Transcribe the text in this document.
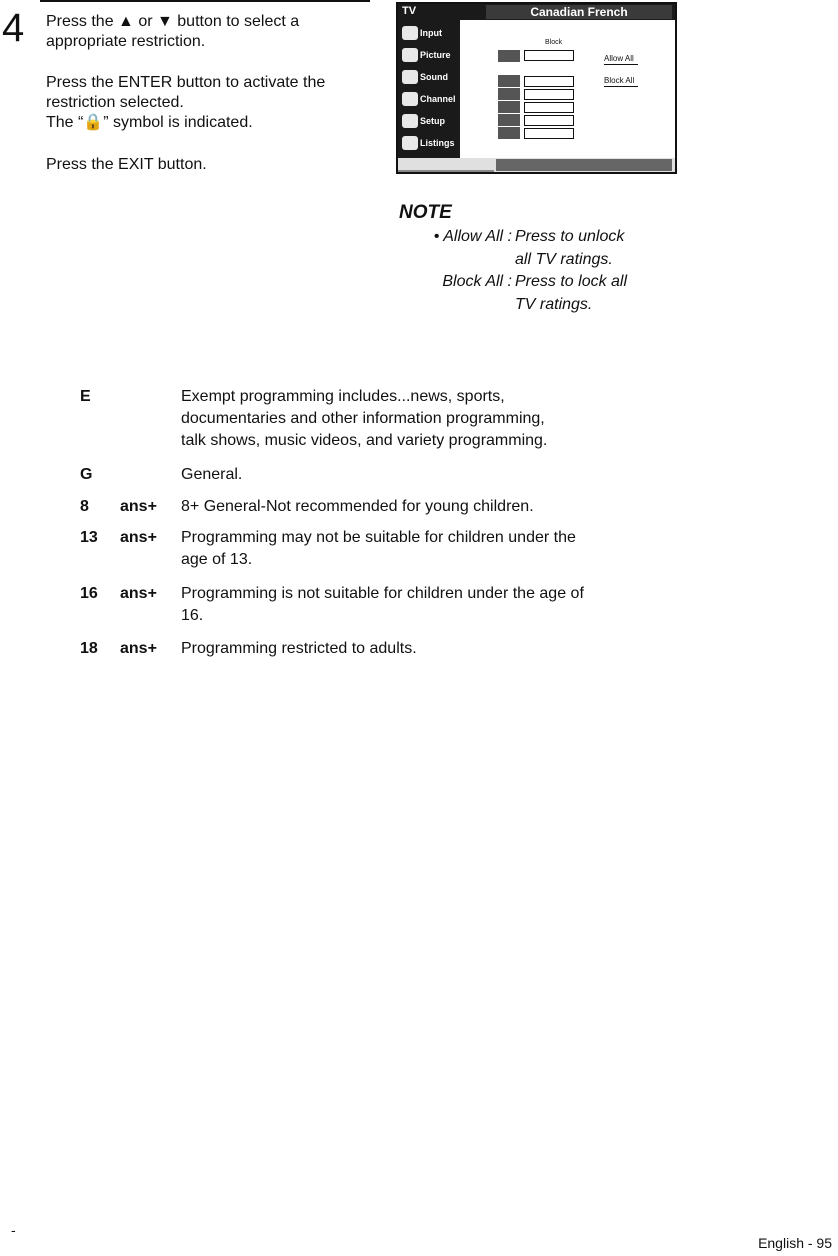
4 Press the ▲ or ▼ button to select a
appropriate restriction.
Press the ENTER button to activate the
restriction selected.
The “🔒” symbol is indicated.
Press the EXIT button.
TV	Canadian French
Input
Picture
Sound
Channel
Setup
Listings
Block
Allow All
Block All
NOTE
• Allow All : Press to unlock
all TV ratings.
Block All : Press to lock all
TV ratings.
E	Exempt programming includes...news, sports,
documentaries and other information programming,
talk shows, music videos, and variety programming.
G	General.
8 ans+ 8+ General-Not recommended for young children.
13 ans+ Programming may not be suitable for children under the
age of 13.
16 ans+ Programming is not suitable for children under the age of
16.
18 ans+ Programming restricted to adults.
-
English - 95
